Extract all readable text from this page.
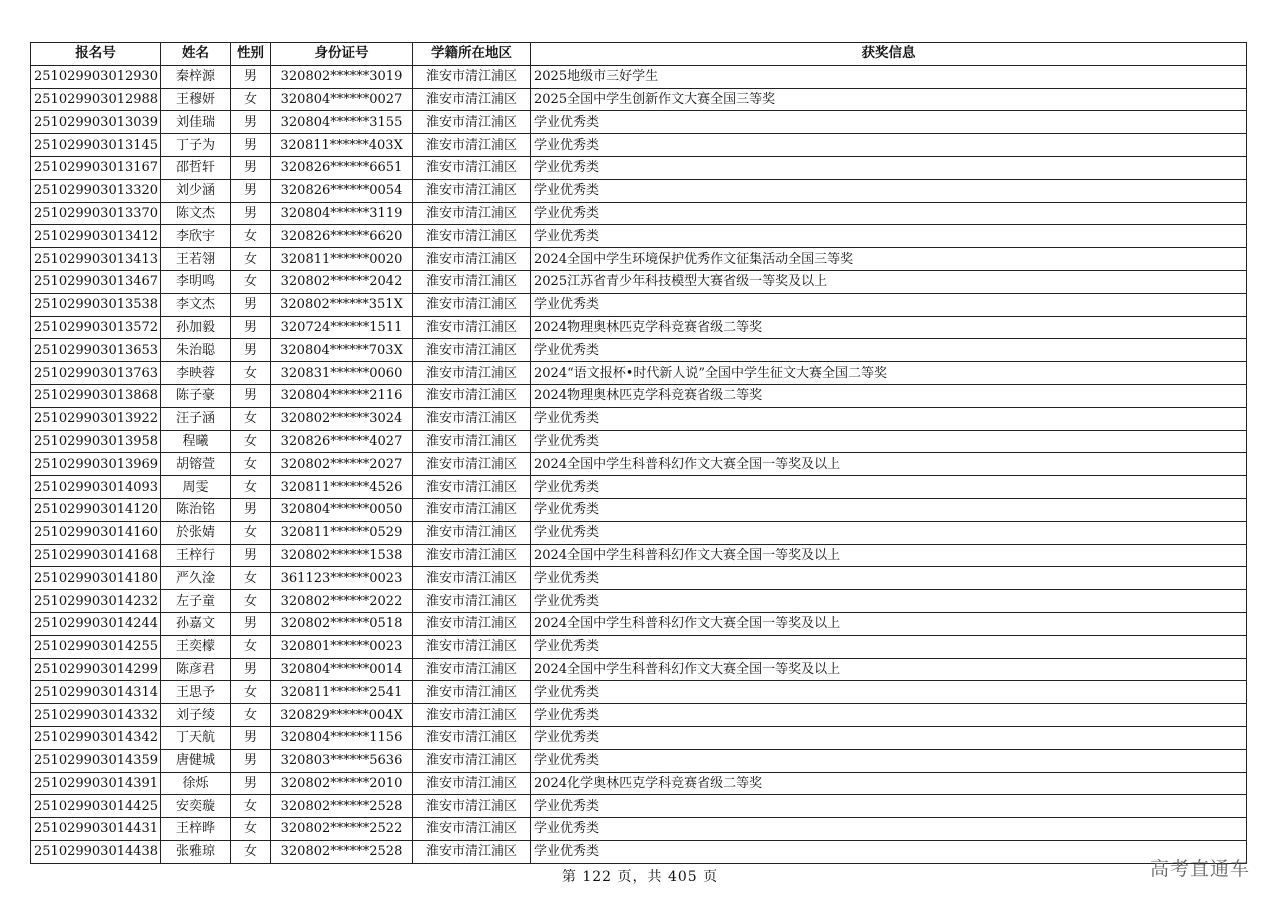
报名号	姓名	性别	身份证号	学籍所在地区	获奖信息
251029903012930	秦梓源	男	320802******3019	淮安市清江浦区	2025地级市三好学生
251029903012988	王穆妍	女	320804******0027	淮安市清江浦区	2025全国中学生创新作文大赛全国三等奖
251029903013039	刘佳瑞	男	320804******3155	淮安市清江浦区	学业优秀类
251029903013145	丁子为	男	320811******403X	淮安市清江浦区	学业优秀类
251029903013167	邵哲轩	男	320826******6651	淮安市清江浦区	学业优秀类
251029903013320	刘少涵	男	320826******0054	淮安市清江浦区	学业优秀类
251029903013370	陈文杰	男	320804******3119	淮安市清江浦区	学业优秀类
251029903013412	李欣宇	女	320826******6620	淮安市清江浦区	学业优秀类
251029903013413	王若翎	女	320811******0020	淮安市清江浦区	2024全国中学生环境保护优秀作文征集活动全国三等奖
251029903013467	李明鸣	女	320802******2042	淮安市清江浦区	2025江苏省青少年科技模型大赛省级一等奖及以上
251029903013538	李文杰	男	320802******351X	淮安市清江浦区	学业优秀类
251029903013572	孙加毅	男	320724******1511	淮安市清江浦区	2024物理奥林匹克学科竞赛省级二等奖
251029903013653	朱治聪	男	320804******703X	淮安市清江浦区	学业优秀类
251029903013763	李映蓉	女	320831******0060	淮安市清江浦区	2024“语文报杯•时代新人说”全国中学生征文大赛全国二等奖
251029903013868	陈子豪	男	320804******2116	淮安市清江浦区	2024物理奥林匹克学科竞赛省级二等奖
251029903013922	汪子涵	女	320802******3024	淮安市清江浦区	学业优秀类
251029903013958	程曦	女	320826******4027	淮安市清江浦区	学业优秀类
251029903013969	胡镕萱	女	320802******2027	淮安市清江浦区	2024全国中学生科普科幻作文大赛全国一等奖及以上
251029903014093	周雯	女	320811******4526	淮安市清江浦区	学业优秀类
251029903014120	陈治铭	男	320804******0050	淮安市清江浦区	学业优秀类
251029903014160	於张婧	女	320811******0529	淮安市清江浦区	学业优秀类
251029903014168	王梓行	男	320802******1538	淮安市清江浦区	2024全国中学生科普科幻作文大赛全国一等奖及以上
251029903014180	严久淦	女	361123******0023	淮安市清江浦区	学业优秀类
251029903014232	左子童	女	320802******2022	淮安市清江浦区	学业优秀类
251029903014244	孙嘉文	男	320802******0518	淮安市清江浦区	2024全国中学生科普科幻作文大赛全国一等奖及以上
251029903014255	王奕檬	女	320801******0023	淮安市清江浦区	学业优秀类
251029903014299	陈彦君	男	320804******0014	淮安市清江浦区	2024全国中学生科普科幻作文大赛全国一等奖及以上
251029903014314	王思予	女	320811******2541	淮安市清江浦区	学业优秀类
251029903014332	刘子绫	女	320829******004X	淮安市清江浦区	学业优秀类
251029903014342	丁天航	男	320804******1156	淮安市清江浦区	学业优秀类
251029903014359	唐健城	男	320803******5636	淮安市清江浦区	学业优秀类
251029903014391	徐烁	男	320802******2010	淮安市清江浦区	2024化学奥林匹克学科竞赛省级二等奖
251029903014425	安奕璇	女	320802******2528	淮安市清江浦区	学业优秀类
251029903014431	王梓晔	女	320802******2522	淮安市清江浦区	学业优秀类
251029903014438	张雅琼	女	320802******2528	淮安市清江浦区	学业优秀类
第 122 页，共 405 页	高考直通车
